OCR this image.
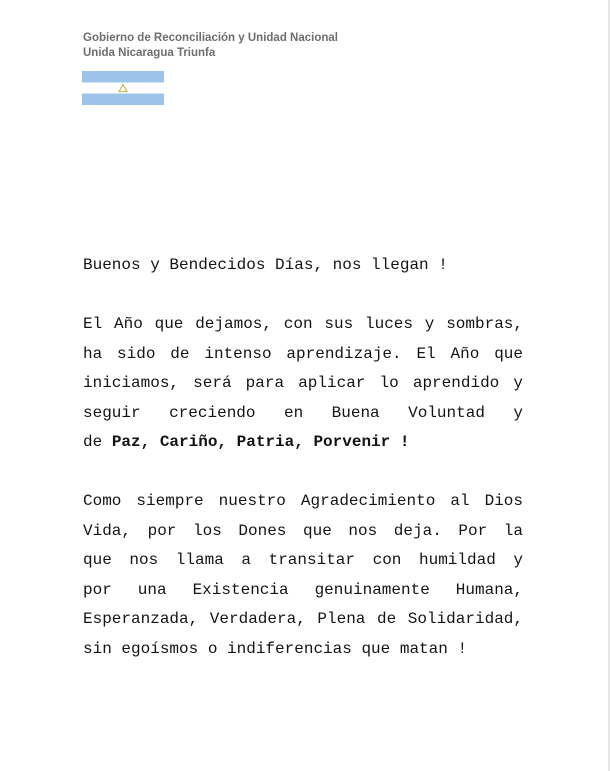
Gobierno de Reconciliación y Unidad Nacional
Unida Nicaragua Triunfa
Buenos y Bendecidos Días, nos llegan !
El Año que dejamos, con sus luces y sombras,
ha sido de intenso aprendizaje. El Año que
iniciamos, será para aplicar lo aprendido y
seguir creciendo en Buena Voluntad y
de Paz, Cariño, Patria, Porvenir !
Como siempre nuestro Agradecimiento al Dios
Vida, por los Dones que nos deja. Por la
que nos llama a transitar con humildad y
por una Existencia genuinamente Humana,
Esperanzada, Verdadera, Plena de Solidaridad,
sin egoísmos o indiferencias que matan !
